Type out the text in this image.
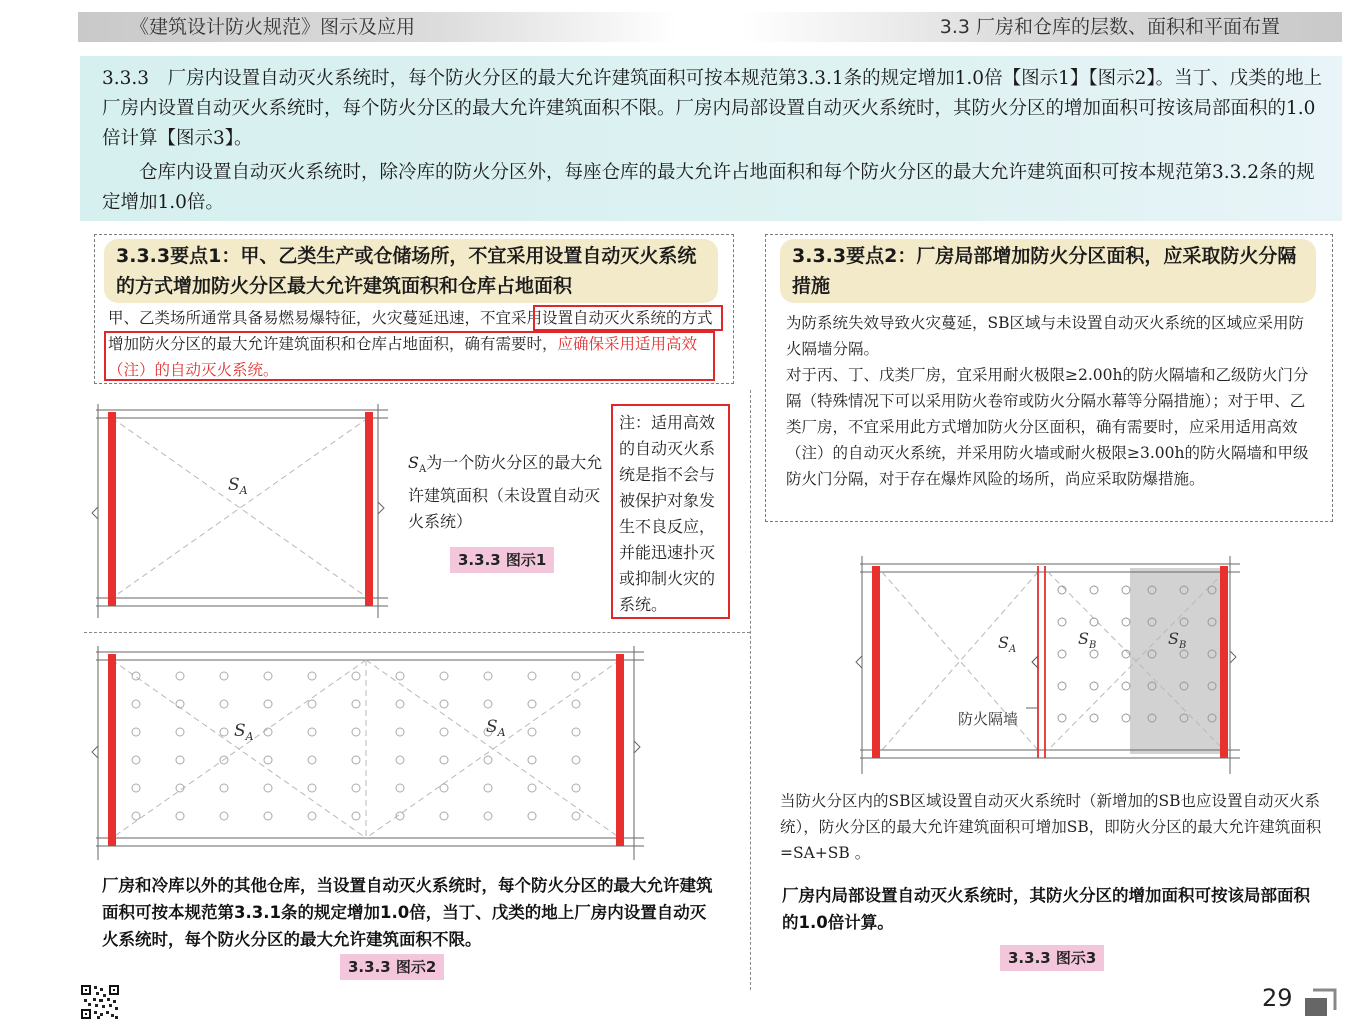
《建筑设计防火规范》图示及应用	3.3 厂房和仓库的层数、面积和平面布置

3.3.3　厂房内设置自动灭火系统时，每个防火分区的最大允许建筑面积可按本规范第3.3.1条的规定增加1.0倍【图示1】【图示2】。当丁、戊类的地上厂房内设置自动灭火系统时，每个防火分区的最大允许建筑面积不限。厂房内局部设置自动灭火系统时，其防火分区的增加面积可按该局部面积的1.0倍计算【图示3】。

仓库内设置自动灭火系统时，除冷库的防火分区外，每座仓库的最大允许占地面积和每个防火分区的最大允许建筑面积可按本规范第3.3.2条的规定增加1.0倍。

3.3.3要点1：甲、乙类生产或仓储场所，不宜采用设置自动灭火系统的方式增加防火分区最大允许建筑面积和仓库占地面积
甲、乙类场所通常具备易燃易爆特征，火灾蔓延迅速，不宜采用设置自动灭火系统的方式增加防火分区的最大允许建筑面积和仓库占地面积，确有需要时，应确保采用适用高效（注）的自动灭火系统。
3.3.3要点2：厂房局部增加防火分区面积，应采取防火分隔措施
为防系统失效导致火灾蔓延，SB区域与未设置自动灭火系统的区域应采用防火隔墙分隔。
对于丙、丁、戊类厂房，宜采用耐火极限≥2.00h的防火隔墙和乙级防火门分隔（特殊情况下可以采用防火卷帘或防火分隔水幕等分隔措施）；对于甲、乙类厂房，不宜采用此方式增加防火分区面积，确有需要时，应采用适用高效（注）的自动灭火系统，并采用防火墙或耐火极限≥3.00h的防火隔墙和甲级防火门分隔，对于存在爆炸风险的场所，尚应采取防爆措施。
$S_A$
$S_A$为一个防火分区的最大允许建筑面积（未设置自动灭火系统）
3.3.3 图示1
注：适用高效的自动灭火系统是指不会与被保护对象发生不良反应，并能迅速扑灭或抑制火灾的系统。
$S_A$	$S_A$
厂房和冷库以外的其他仓库，当设置自动灭火系统时，每个防火分区的最大允许建筑面积可按本规范第3.3.1条的规定增加1.0倍，当丁、戊类的地上厂房内设置自动灭火系统时，每个防火分区的最大允许建筑面积不限。
3.3.3 图示2
$S_A$
$S_B$	$S_B$
防火隔墙
当防火分区内的SB区域设置自动灭火系统时（新增加的SB也应设置自动灭火系统），防火分区的最大允许建筑面积可增加SB，即防火分区的最大允许建筑面积=SA+SB 。
厂房内局部设置自动灭火系统时，其防火分区的增加面积可按该局部面积的1.0倍计算。
3.3.3 图示3
29
